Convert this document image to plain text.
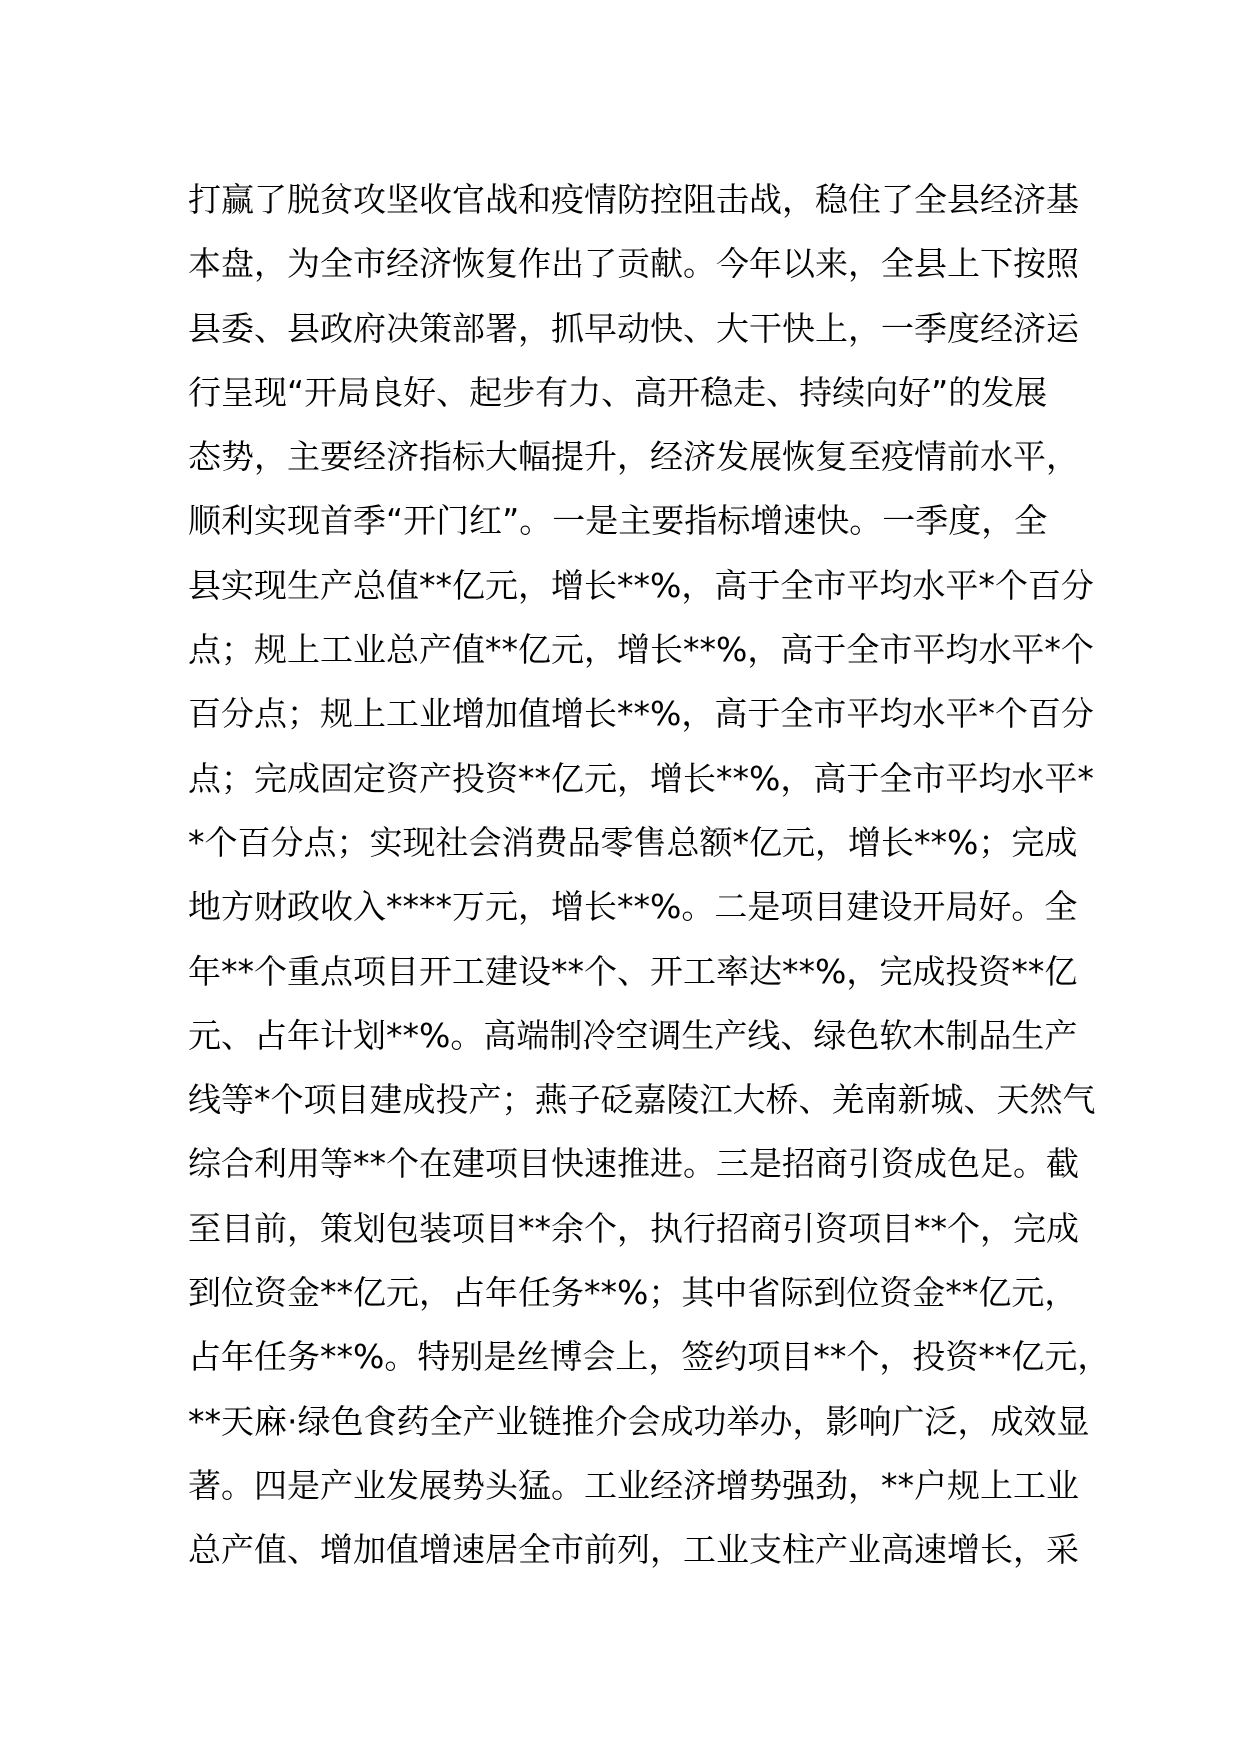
打赢了脱贫攻坚收官战和疫情防控阻击战，稳住了全县经济基
本盘，为全市经济恢复作出了贡献。今年以来，全县上下按照
县委、县政府决策部署，抓早动快、大干快上，一季度经济运
行呈现“开局良好、起步有力、高开稳走、持续向好”的发展
态势，主要经济指标大幅提升，经济发展恢复至疫情前水平，
顺利实现首季“开门红”。一是主要指标增速快。一季度，全
县实现生产总值**亿元，增长**%，高于全市平均水平*个百分
点；规上工业总产值**亿元，增长**%，高于全市平均水平*个
百分点；规上工业增加值增长**%，高于全市平均水平*个百分
点；完成固定资产投资**亿元，增长**%，高于全市平均水平*
*个百分点；实现社会消费品零售总额*亿元，增长**%；完成
地方财政收入****万元，增长**%。二是项目建设开局好。全
年**个重点项目开工建设**个、开工率达**%，完成投资**亿
元、占年计划**%。高端制冷空调生产线、绿色软木制品生产
线等*个项目建成投产；燕子砭嘉陵江大桥、羌南新城、天然气
综合利用等**个在建项目快速推进。三是招商引资成色足。截
至目前，策划包装项目**余个，执行招商引资项目**个，完成
到位资金**亿元，占年任务**%；其中省际到位资金**亿元，
占年任务**%。特别是丝博会上，签约项目**个，投资**亿元，
**天麻·绿色食药全产业链推介会成功举办，影响广泛，成效显
著。四是产业发展势头猛。工业经济增势强劲，**户规上工业
总产值、增加值增速居全市前列，工业支柱产业高速增长，采
